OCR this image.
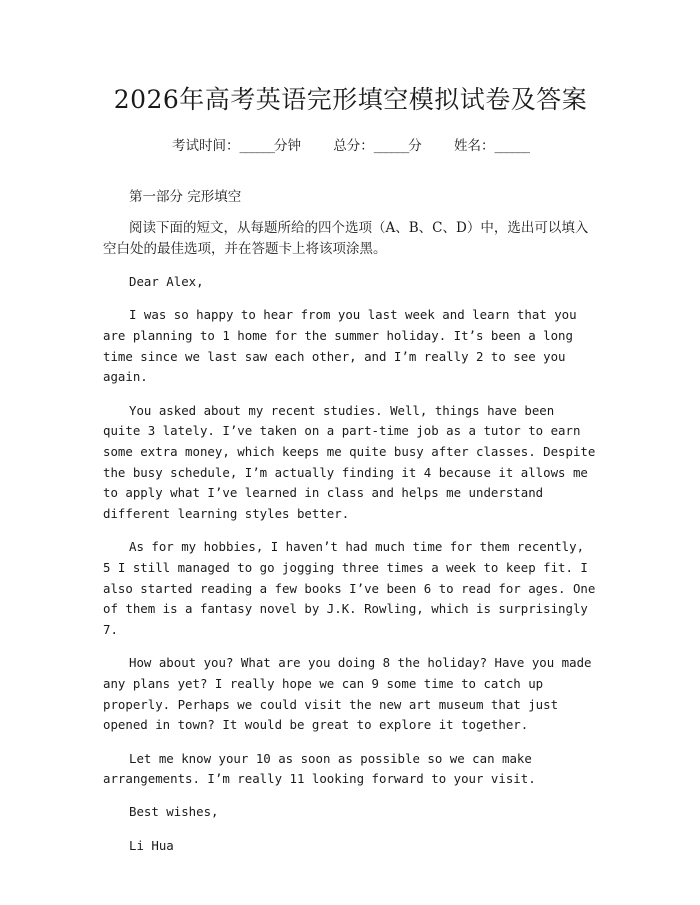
2026年高考英语完形填空模拟试卷及答案
考试时间：______分钟 总分：______分 姓名：______
第一部分 完形填空
阅读下面的短文，从每题所给的四个选项（A、B、C、D）中，选出可以填入空白处的最佳选项，并在答题卡上将该项涂黑。

Dear Alex,

I was so happy to hear from you last week and learn that you are planning to 1 home for the summer holiday. It’s been a long time since we last saw each other, and I’m really 2 to see you again.

You asked about my recent studies. Well, things have been quite 3 lately. I’ve taken on a part-time job as a tutor to earn some extra money, which keeps me quite busy after classes. Despite the busy schedule, I’m actually finding it 4 because it allows me to apply what I’ve learned in class and helps me understand different learning styles better.

As for my hobbies, I haven’t had much time for them recently, 5 I still managed to go jogging three times a week to keep fit. I also started reading a few books I’ve been 6 to read for ages. One of them is a fantasy novel by J.K. Rowling, which is surprisingly 7.

How about you? What are you doing 8 the holiday? Have you made any plans yet? I really hope we can 9 some time to catch up properly. Perhaps we could visit the new art museum that just opened in town? It would be great to explore it together.

Let me know your 10 as soon as possible so we can make arrangements. I’m really 11 looking forward to your visit.

Best wishes,

Li Hua
